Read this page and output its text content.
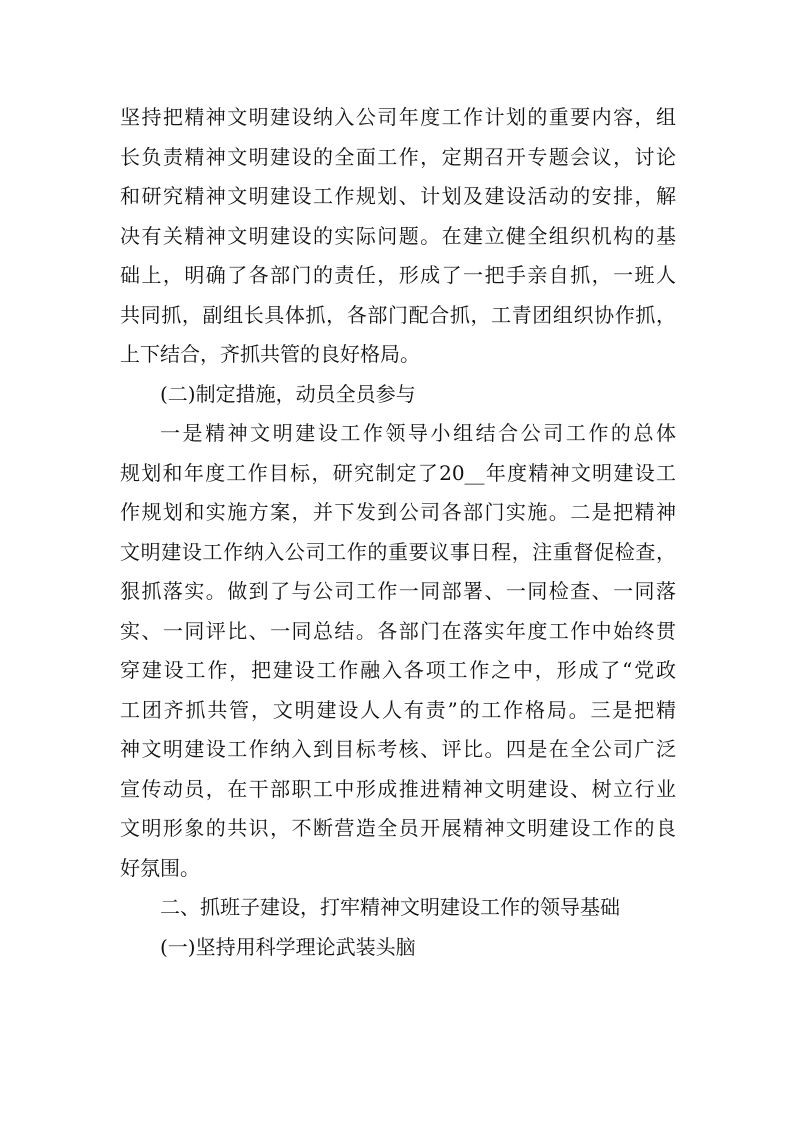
坚持把精神文明建设纳入公司年度工作计划的重要内容，组
长负责精神文明建设的全面工作，定期召开专题会议，讨论
和研究精神文明建设工作规划、计划及建设活动的安排，解
决有关精神文明建设的实际问题。在建立健全组织机构的基
础上，明确了各部门的责任，形成了一把手亲自抓，一班人
共同抓，副组长具体抓，各部门配合抓，工青团组织协作抓，
上下结合，齐抓共管的良好格局。
(二)制定措施，动员全员参与
一是精神文明建设工作领导小组结合公司工作的总体
规划和年度工作目标，研究制定了20__年度精神文明建设工
作规划和实施方案，并下发到公司各部门实施。二是把精神
文明建设工作纳入公司工作的重要议事日程，注重督促检查，
狠抓落实。做到了与公司工作一同部署、一同检查、一同落
实、一同评比、一同总结。各部门在落实年度工作中始终贯
穿建设工作，把建设工作融入各项工作之中，形成了“党政
工团齐抓共管，文明建设人人有责”的工作格局。三是把精
神文明建设工作纳入到目标考核、评比。四是在全公司广泛
宣传动员，在干部职工中形成推进精神文明建设、树立行业
文明形象的共识，不断营造全员开展精神文明建设工作的良
好氛围。
二、抓班子建设，打牢精神文明建设工作的领导基础
(一)坚持用科学理论武装头脑
